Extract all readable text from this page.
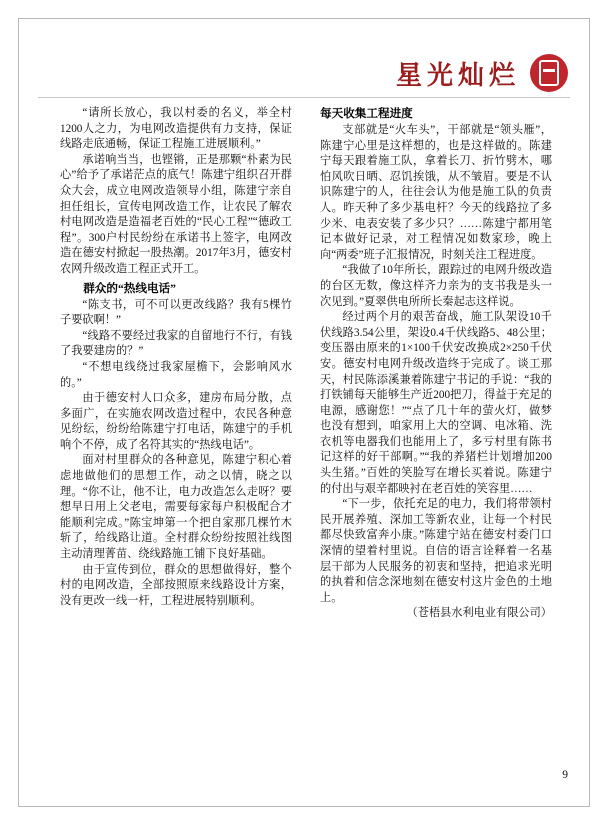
星光灿烂

“请所长放心，我以村委的名义，举全村1200人之力，为电网改造提供有力支持，保证线路走底通畅，保证工程施工进展顺利。”

承诺响当当，也铿锵，正是那颗“朴素为民心”给予了承诺茫点的底气！陈建宁组织召开群众大会，成立电网改造领导小组，陈建宁亲自担任组长，宣传电网改造工作，让农民了解农村电网改造是造福老百姓的“民心工程”“德政工程”。300户村民纷纷在承诺书上签字，电网改造在德安村掀起一股热潮。2017年3月，德安村农网升级改造工程正式开工。

群众的“热线电话”

“陈支书，可不可以更改线路？我有5棵竹子要砍啊！”

“线路不要经过我家的自留地行不行，有钱了我要建房的？”

“不想电线绕过我家屋檐下，会影响风水的。”

由于德安村人口众多，建房布局分散，点多面广，在实施农网改造过程中，农民各种意见纷纭，纷纷给陈建宁打电话，陈建宁的手机响个不停，成了名符其实的“热线电话”。

面对村里群众的各种意见，陈建宁积心着虑地做他们的思想工作，动之以情，晓之以理。“你不让，他不让，电力改造怎么走呀？要想早日用上父老电，需要每家每户积极配合才能顺利完成。”陈宝坤第一个把自家那几棵竹木斩了，给线路让道。全村群众纷纷按照社线图主动清理菁苗、绕线路施工铺下良好基础。

由于宣传到位，群众的思想做得好，整个村的电网改造，全部按照原来线路设计方案，没有更改一线一杆，工程进展特别顺利。

每天收集工程进度

支部就是“火车头”，干部就是“领头雁”，陈建宁心里是这样想的，也是这样做的。陈建宁每天跟着施工队，拿着长刀、折竹劈木，哪怕风吹日晒、忍饥挨饿，从不皱眉。要是不认识陈建宁的人，往往会认为他是施工队的负责人。昨天种了多少基电杆？今天的线路拉了多少米、电表安装了多少只？……陈建宁都用笔记本做好记录，对工程情况如数家珍，晚上向“两委”班子汇报情况，时刻关注工程进度。

“我做了10年所长，跟踪过的电网升级改造的台区无数，像这样齐力亲为的支书我是头一次见到。”夏翠供电所所长秦起志这样说。

经过两个月的艰苦奋战，施工队架设10千伏线路3.54公里，架设0.4千伏线路5、48公里；变压器由原来的1×100千伏安改换成2×250千伏安。德安村电网升级改造终于完成了。谈工那天，村民陈添溪兼着陈建宁书记的手说：“我的打铁铺每天能够生产近200把刀，得益于充足的电源，感谢您！”“点了几十年的萤火灯，做梦也没有想到，咱家用上大的空调、电冰箱、洗衣机等电器我们也能用上了，多亏村里有陈书记这样的好干部啊。”“我的养猪栏计划增加200头生猪。”百姓的笑脸写在增长买着说。陈建宁的付出与艰辛都映衬在老百姓的笑容里……

“下一步，依托充足的电力，我们将带领村民开展养殖、深加工等新农业，让每一个村民都尽快致富奔小康。”陈建宁站在德安村委门口深情的望着村里说。自信的语言诠释着一名基层干部为人民服务的初衷和坚持，把追求光明的执着和信念深地刻在德安村这片金色的土地上。

（苍梧县水利电业有限公司）

9
